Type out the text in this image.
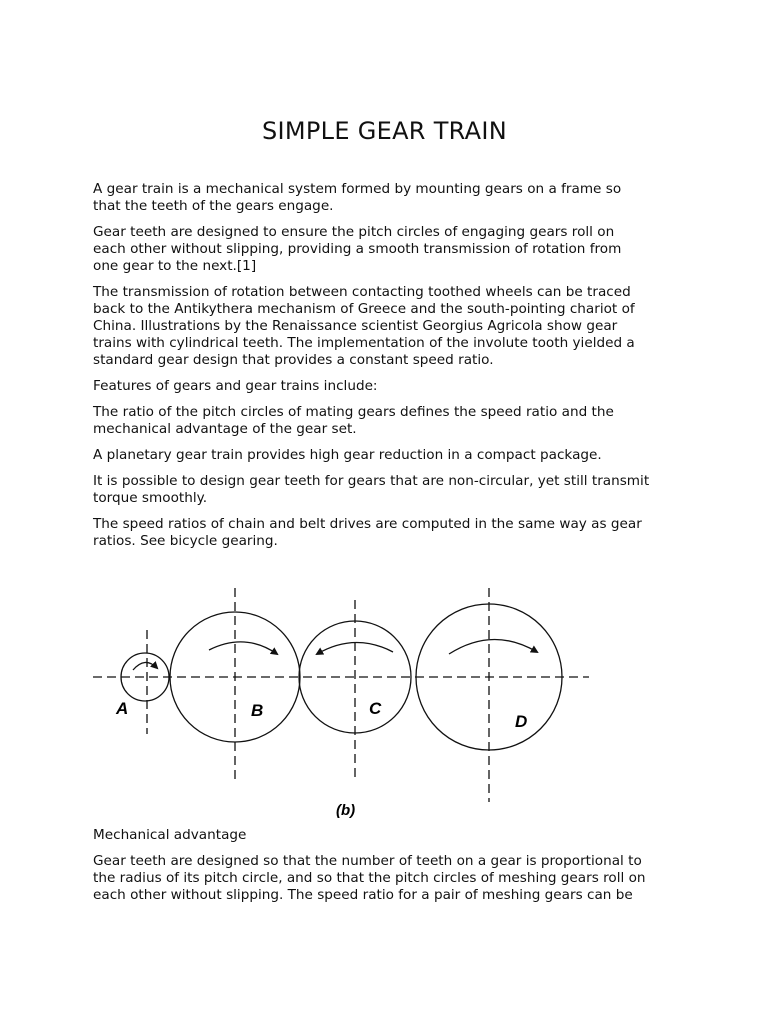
SIMPLE GEAR TRAIN

A gear train is a mechanical system formed by mounting gears on a frame so
that the teeth of the gears engage.

Gear teeth are designed to ensure the pitch circles of engaging gears roll on
each other without slipping, providing a smooth transmission of rotation from
one gear to the next.[1]

The transmission of rotation between contacting toothed wheels can be traced
back to the Antikythera mechanism of Greece and the south-pointing chariot of
China. Illustrations by the Renaissance scientist Georgius Agricola show gear
trains with cylindrical teeth. The implementation of the involute tooth yielded a
standard gear design that provides a constant speed ratio.

Features of gears and gear trains include:

The ratio of the pitch circles of mating gears defines the speed ratio and the
mechanical advantage of the gear set.

A planetary gear train provides high gear reduction in a compact package.

It is possible to design gear teeth for gears that are non-circular, yet still transmit
torque smoothly.

The speed ratios of chain and belt drives are computed in the same way as gear
ratios. See bicycle gearing.

A	B	C
D
(b)

Mechanical advantage

Gear teeth are designed so that the number of teeth on a gear is proportional to
the radius of its pitch circle, and so that the pitch circles of meshing gears roll on
each other without slipping. The speed ratio for a pair of meshing gears can be
